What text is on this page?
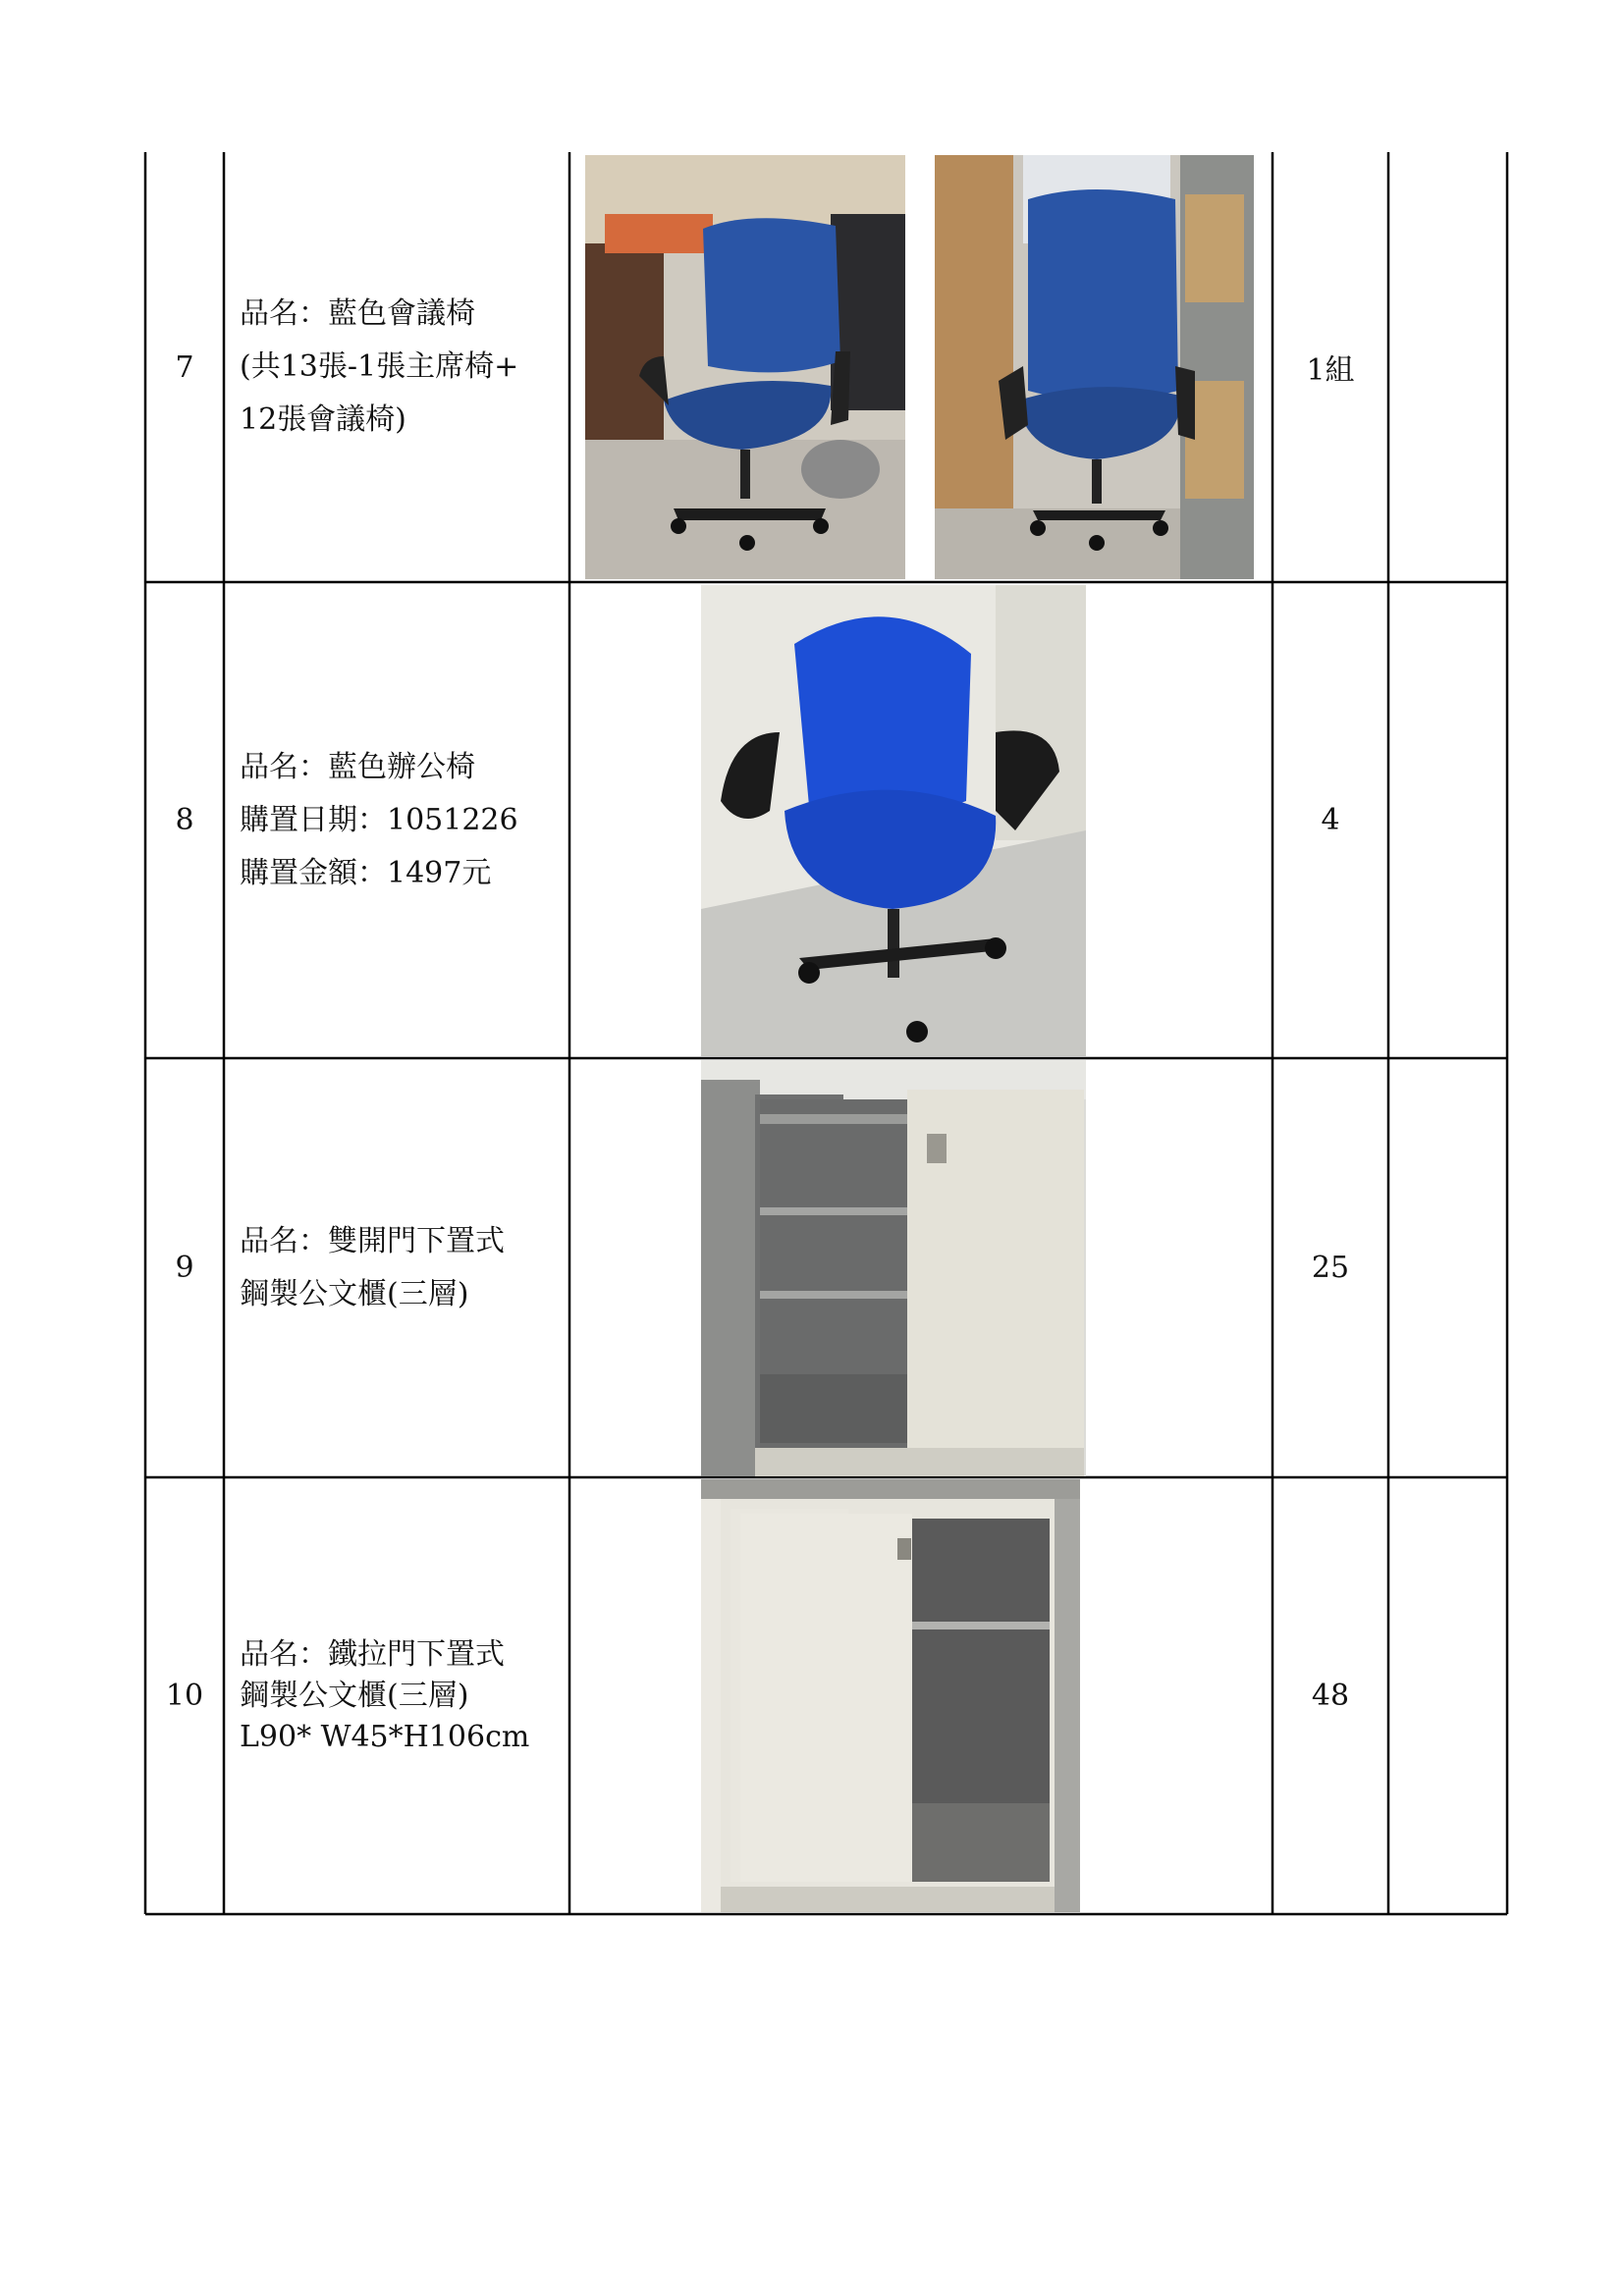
7
品名：藍色會議椅
(共13張-1張主席椅+
12張會議椅)
1組
8
品名：藍色辦公椅
購置日期：1051226
購置金額：1497元
4
9
品名：雙開門下置式
鋼製公文櫃(三層)
25
10
品名：鐵拉門下置式
鋼製公文櫃(三層)
L90* W45*H106cm
48
